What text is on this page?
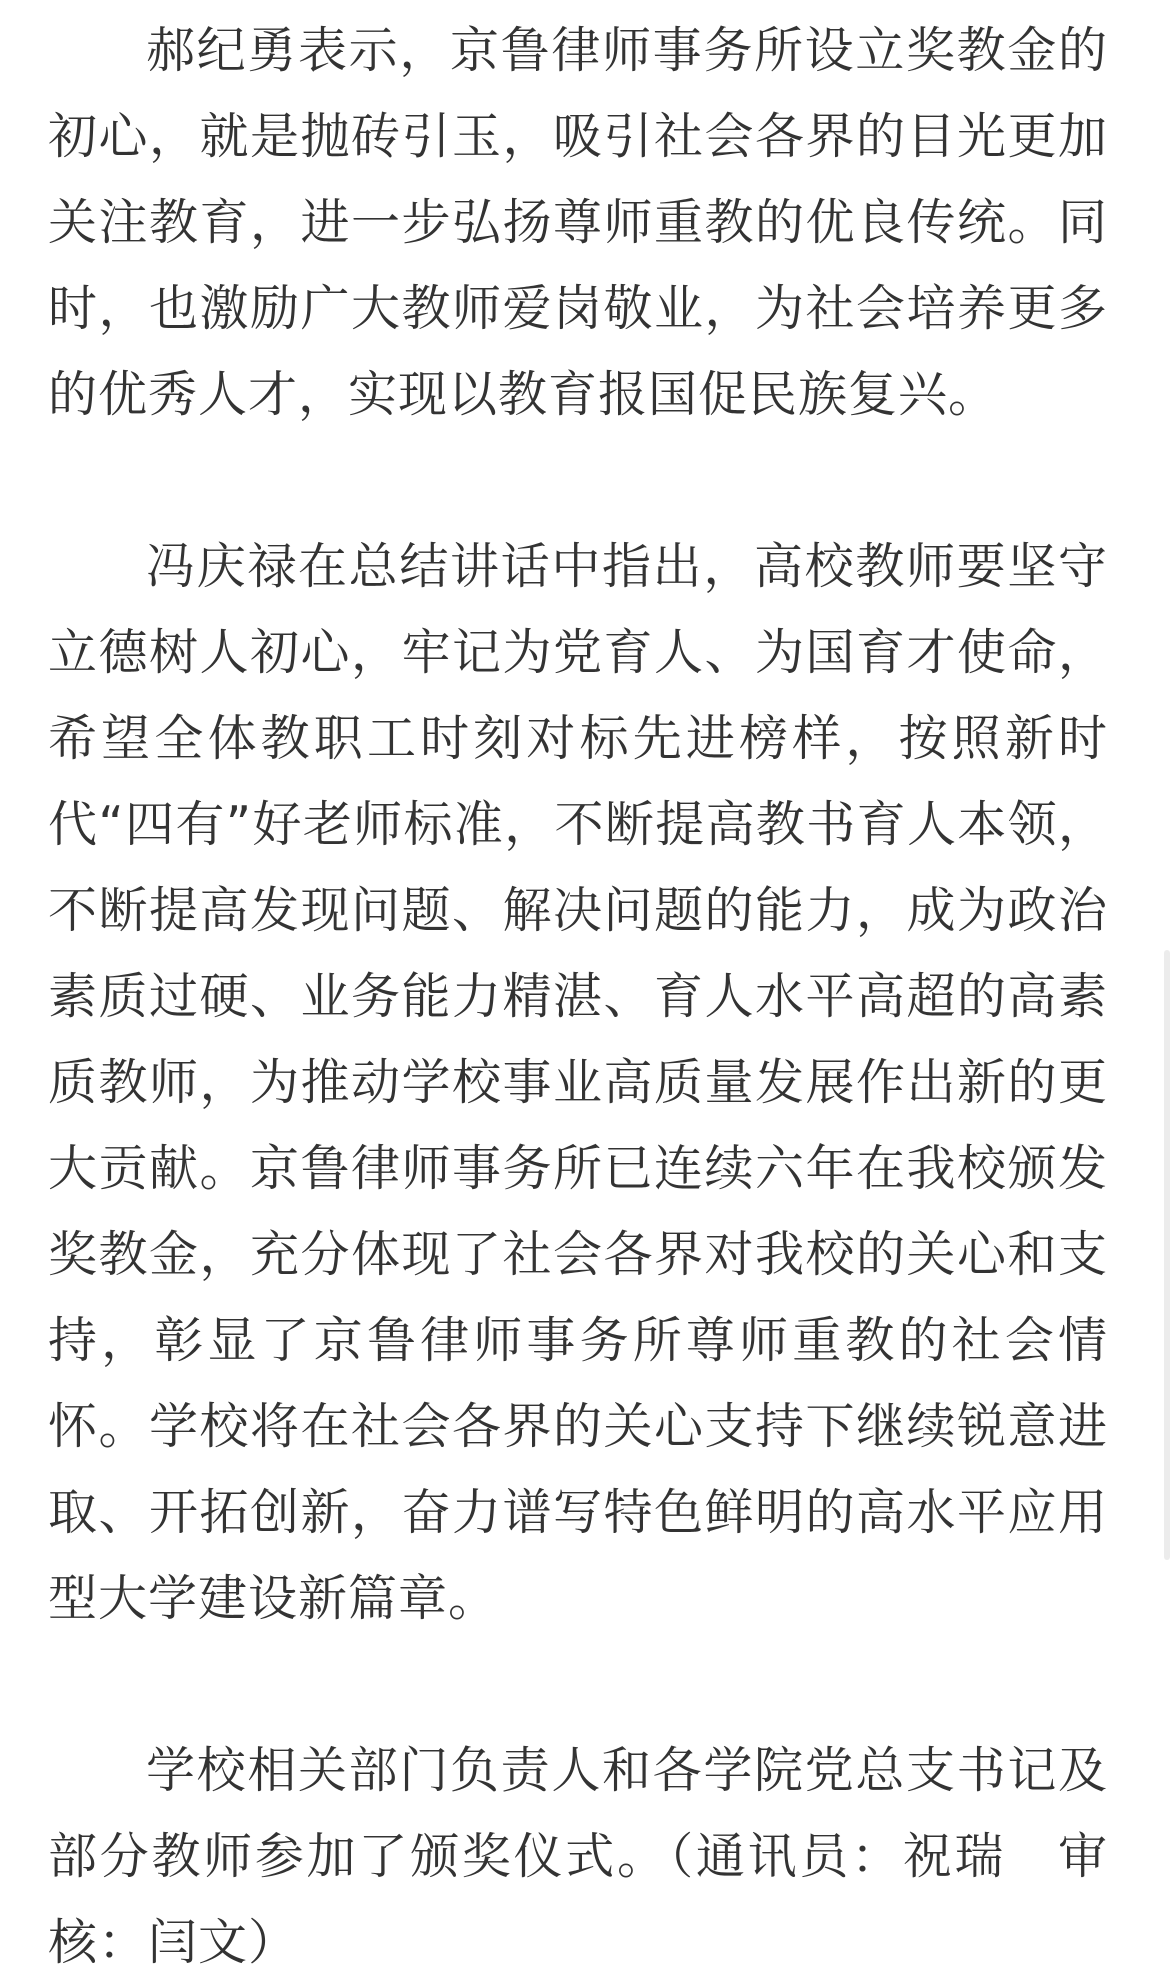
郝纪勇表示，京鲁律师事务所设立奖教金的初心，就是抛砖引玉，吸引社会各界的目光更加关注教育，进一步弘扬尊师重教的优良传统。同时，也激励广大教师爱岗敬业，为社会培养更多的优秀人才，实现以教育报国促民族复兴。

冯庆禄在总结讲话中指出，高校教师要坚守立德树人初心，牢记为党育人、为国育才使命，希望全体教职工时刻对标先进榜样，按照新时代“四有”好老师标准，不断提高教书育人本领，不断提高发现问题、解决问题的能力，成为政治素质过硬、业务能力精湛、育人水平高超的高素质教师，为推动学校事业高质量发展作出新的更大贡献。京鲁律师事务所已连续六年在我校颁发奖教金，充分体现了社会各界对我校的关心和支持，彰显了京鲁律师事务所尊师重教的社会情怀。学校将在社会各界的关心支持下继续锐意进取、开拓创新，奋力谱写特色鲜明的高水平应用型大学建设新篇章。

学校相关部门负责人和各学院党总支书记及部分教师参加了颁奖仪式。（通讯员：祝瑞　审核：闫文）
